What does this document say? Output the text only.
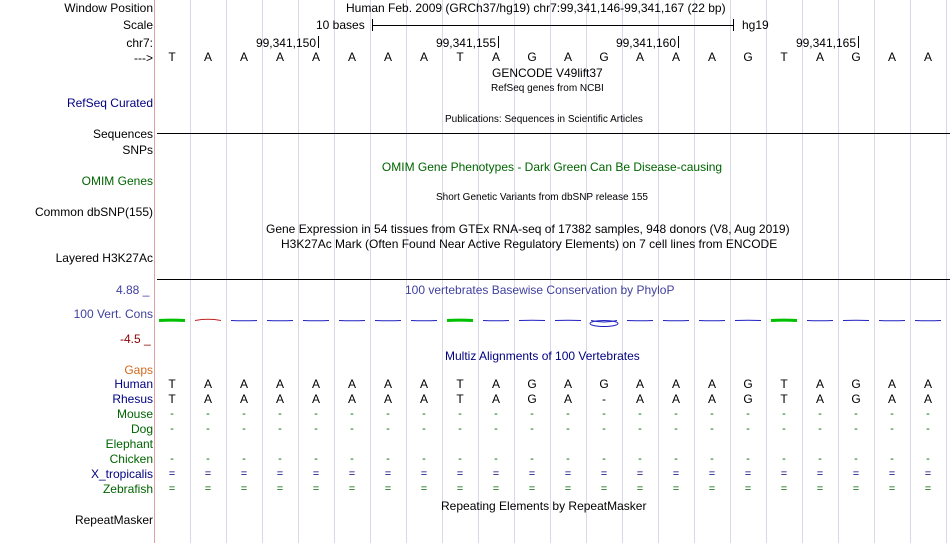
Window Position	Human Feb. 2009 (GRCh37/hg19) chr7:99,341,146-99,341,167 (22 bp)
Scale	10 bases	hg19
chr7:	99,341,150	99,341,155	99,341,160	99,341,165
---> T A A A A A A A T A G A G A A A G T A G A A
GENCODE V49lift37
RefSeq genes from NCBI
RefSeq Curated
Publications: Sequences in Scientific Articles
Sequences
SNPs
OMIM Gene Phenotypes - Dark Green Can Be Disease-causing
OMIM Genes
Short Genetic Variants from dbSNP release 155
Common dbSNP(155)
Gene Expression in 54 tissues from GTEx RNA-seq of 17382 samples, 948 donors (V8, Aug 2019)
H3K27Ac Mark (Often Found Near Active Regulatory Elements) on 7 cell lines from ENCODE
Layered H3K27Ac
100 vertebrates Basewise Conservation by PhyloP
4.88 _
100 Vert. Cons
-4.5 _
Multiz Alignments of 100 Vertebrates
Gaps
Human T A A A A A A A T A G A G A A A G T A G A A
Rhesus T A A A A A A A T A G A	-	A A A G T A G A A
Mouse	-	-	-	-	-	-	-	-	-	-	-	-	-	-	-	-	-	-	-	-	-	-
Dog	-	-	-	-	-	-	-	-	-	-	-	-	-	-	-	-	-	-	-	-	-	-
Elephant
Chicken	-	-	-	-	-	-	-	-	-	-	-	-	-	-	-	-	-	-	-	-	-	-
X_tropicalis	=	=	=	=	=	=	=	=	=	=	=	=	=	=	=	=	=	=	=	=	=	=
Zebrafish	=	=	=	=	=	=	=	=	=	=	=	=	=	=	=	=	=	=	=	=	=	=
Repeating Elements by RepeatMasker
RepeatMasker
